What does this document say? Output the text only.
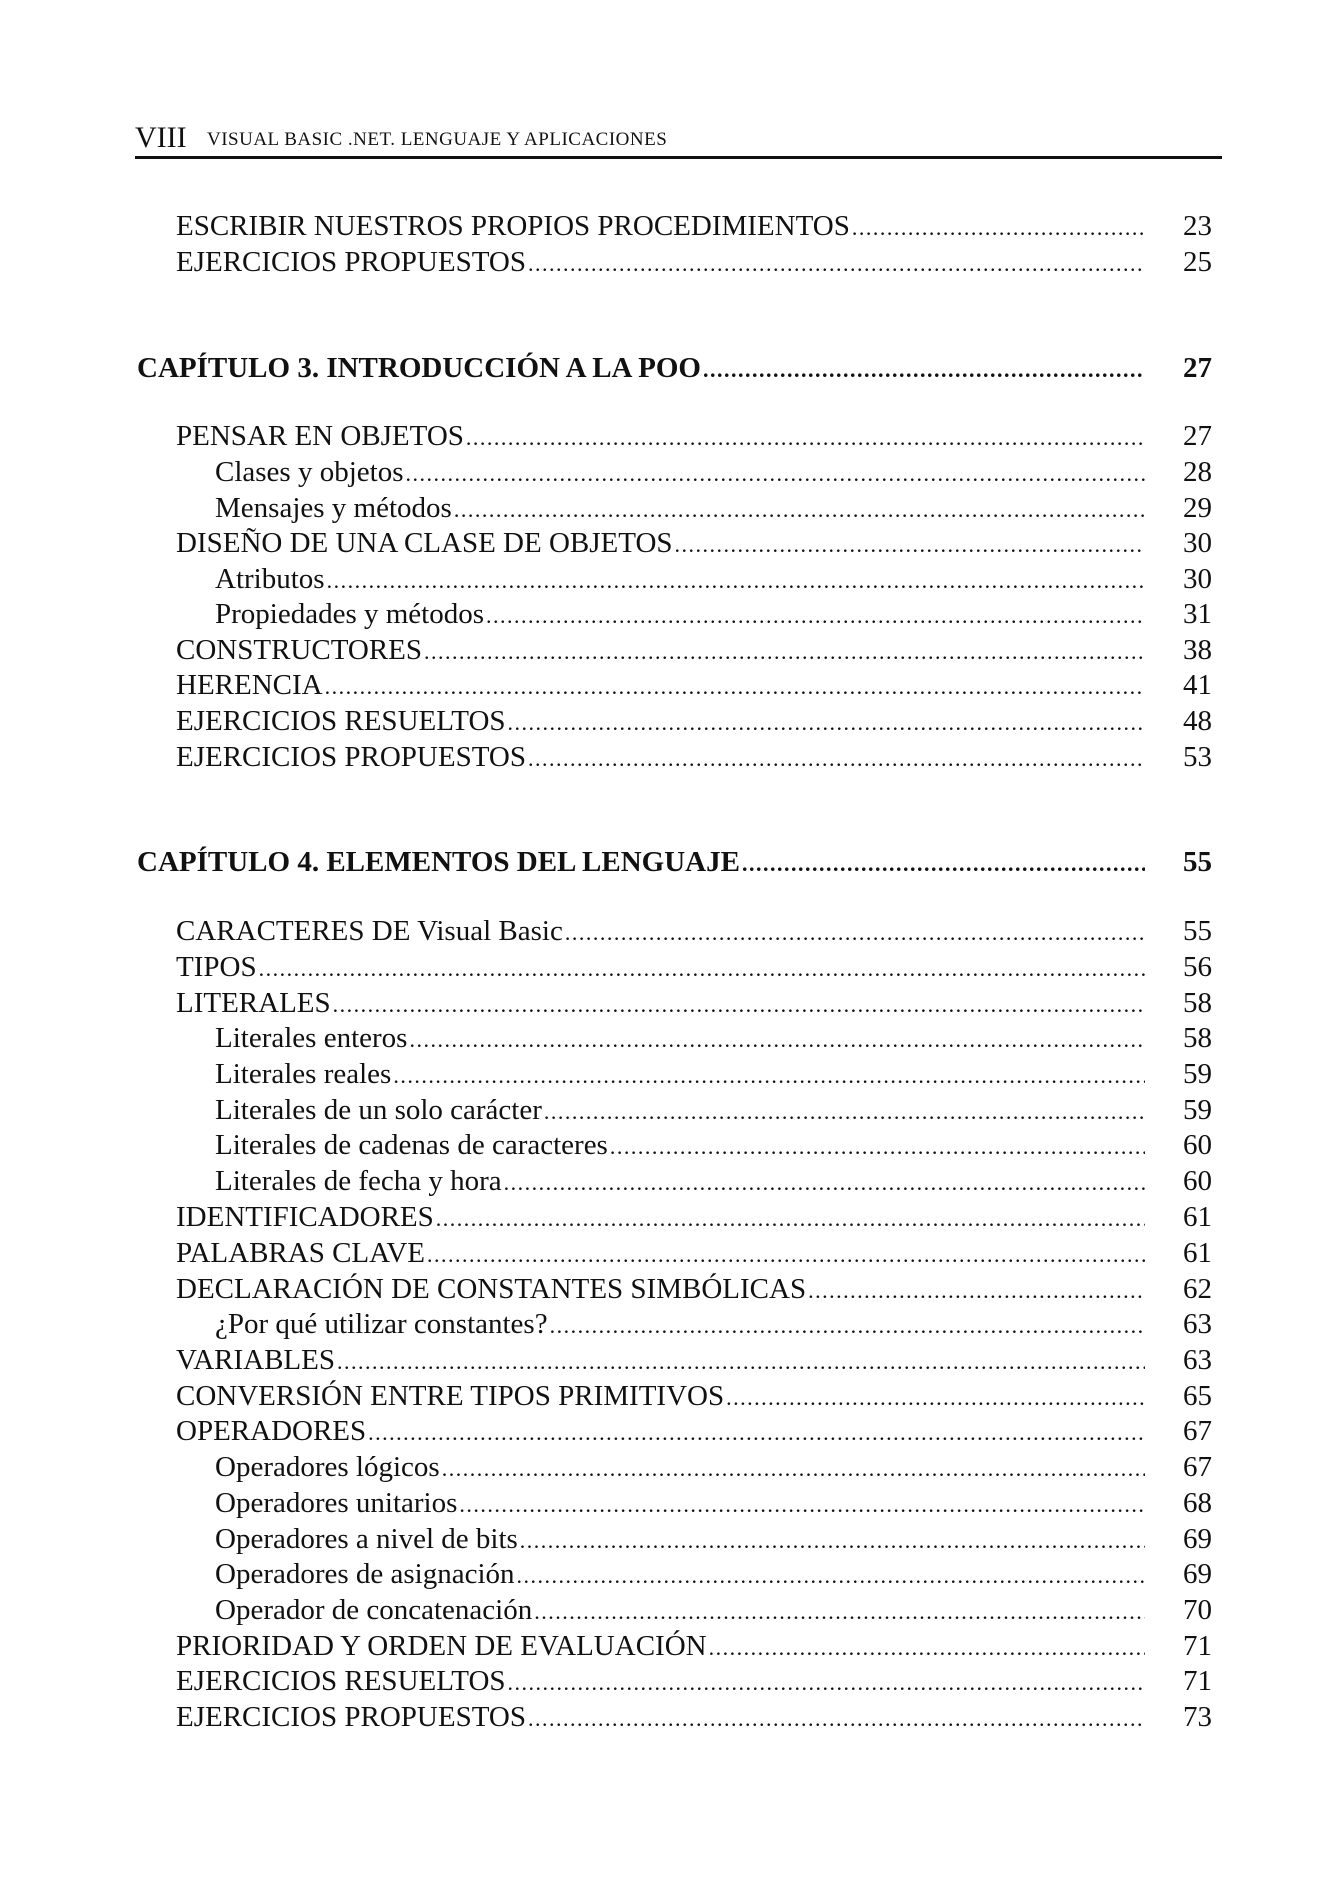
VIII VISUAL BASIC .NET. LENGUAJE Y APLICACIONES
ESCRIBIR NUESTROS PROPIOS PROCEDIMIENTOS . . .	23
EJERCICIOS PROPUESTOS . . .	25
CAPÍTULO 3. INTRODUCCIÓN A LA POO . . .	27
PENSAR EN OBJETOS . . .	27
Clases y objetos . . .	28
Mensajes y métodos . . .	29
DISEÑO DE UNA CLASE DE OBJETOS . . .	30
Atributos . . .	30
Propiedades y métodos . . .	31
CONSTRUCTORES . . .	38
HERENCIA . . .	41
EJERCICIOS RESUELTOS . . .	48
EJERCICIOS PROPUESTOS . . .	53
CAPÍTULO 4. ELEMENTOS DEL LENGUAJE . . .	55
CARACTERES DE Visual Basic . . .	55
TIPOS . . .	56
LITERALES . . .	58
Literales enteros . . .	58
Literales reales . . .	59
Literales de un solo carácter . . .	59
Literales de cadenas de caracteres . . .	60
Literales de fecha y hora . . .	60
IDENTIFICADORES . . .	61
PALABRAS CLAVE . . .	61
DECLARACIÓN DE CONSTANTES SIMBÓLICAS . . .	62
¿Por qué utilizar constantes? . . .	63
VARIABLES . . .	63
CONVERSIÓN ENTRE TIPOS PRIMITIVOS . . .	65
OPERADORES . . .	67
Operadores lógicos . . .	67
Operadores unitarios . . .	68
Operadores a nivel de bits . . .	69
Operadores de asignación . . .	69
Operador de concatenación . . .	70
PRIORIDAD Y ORDEN DE EVALUACIÓN . . .	71
EJERCICIOS RESUELTOS . . .	71
EJERCICIOS PROPUESTOS . . .	73
